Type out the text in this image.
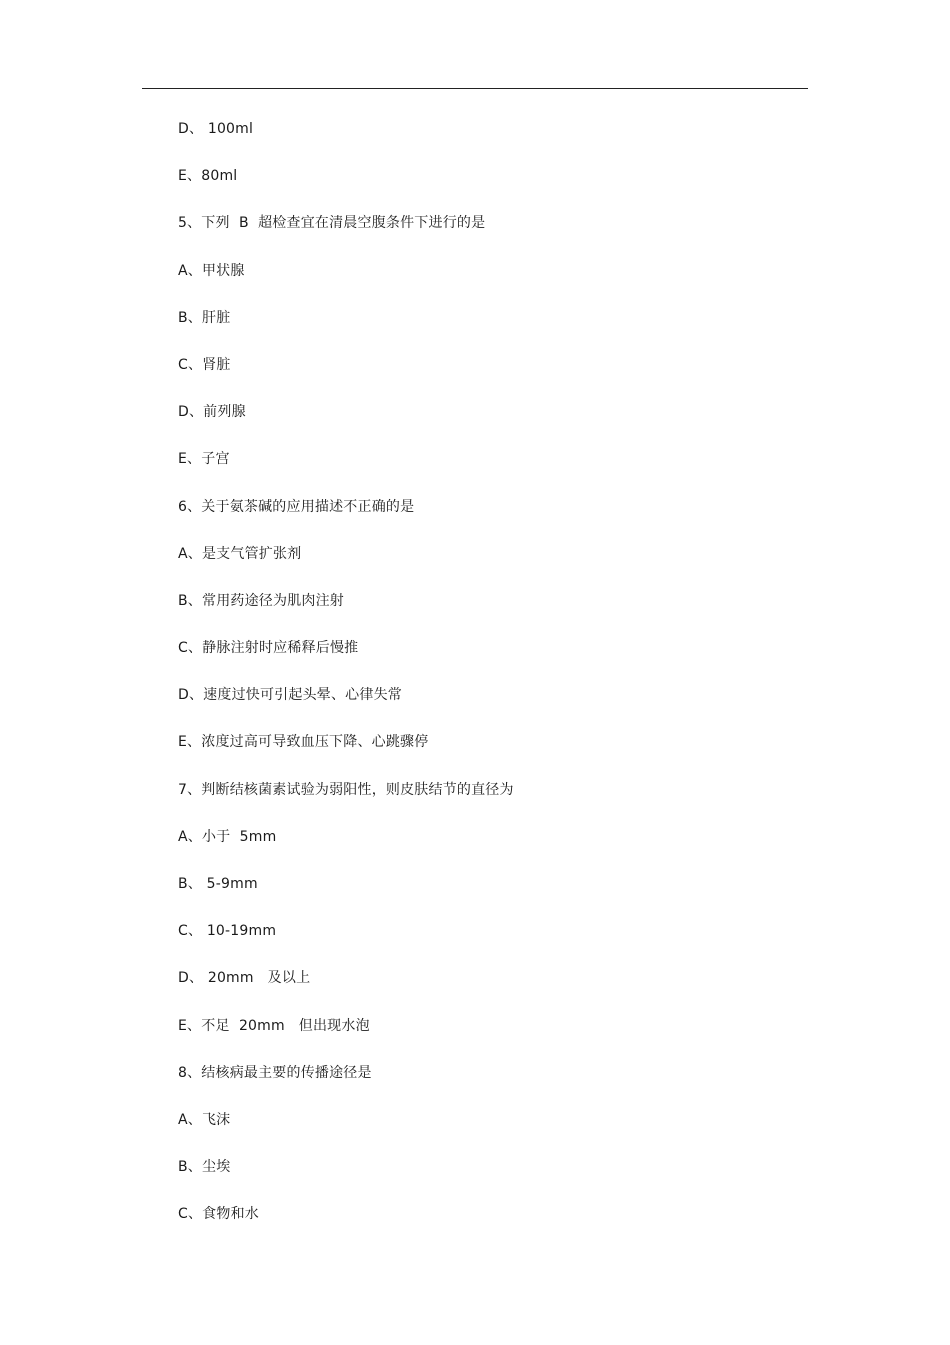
D、 100ml
E、80ml
5、下列  B  超检查宜在清晨空腹条件下进行的是
A、甲状腺
B、肝脏
C、肾脏
D、前列腺
E、子宫
6、关于氨茶碱的应用描述不正确的是
A、是支气管扩张剂
B、常用药途径为肌肉注射
C、静脉注射时应稀释后慢推
D、速度过快可引起头晕、心律失常
E、浓度过高可导致血压下降、心跳骤停
7、判断结核菌素试验为弱阳性，则皮肤结节的直径为
A、小于  5mm
B、 5-9mm
C、 10-19mm
D、 20mm   及以上
E、不足  20mm   但出现水泡
8、结核病最主要的传播途径是
A、飞沫
B、尘埃
C、食物和水
